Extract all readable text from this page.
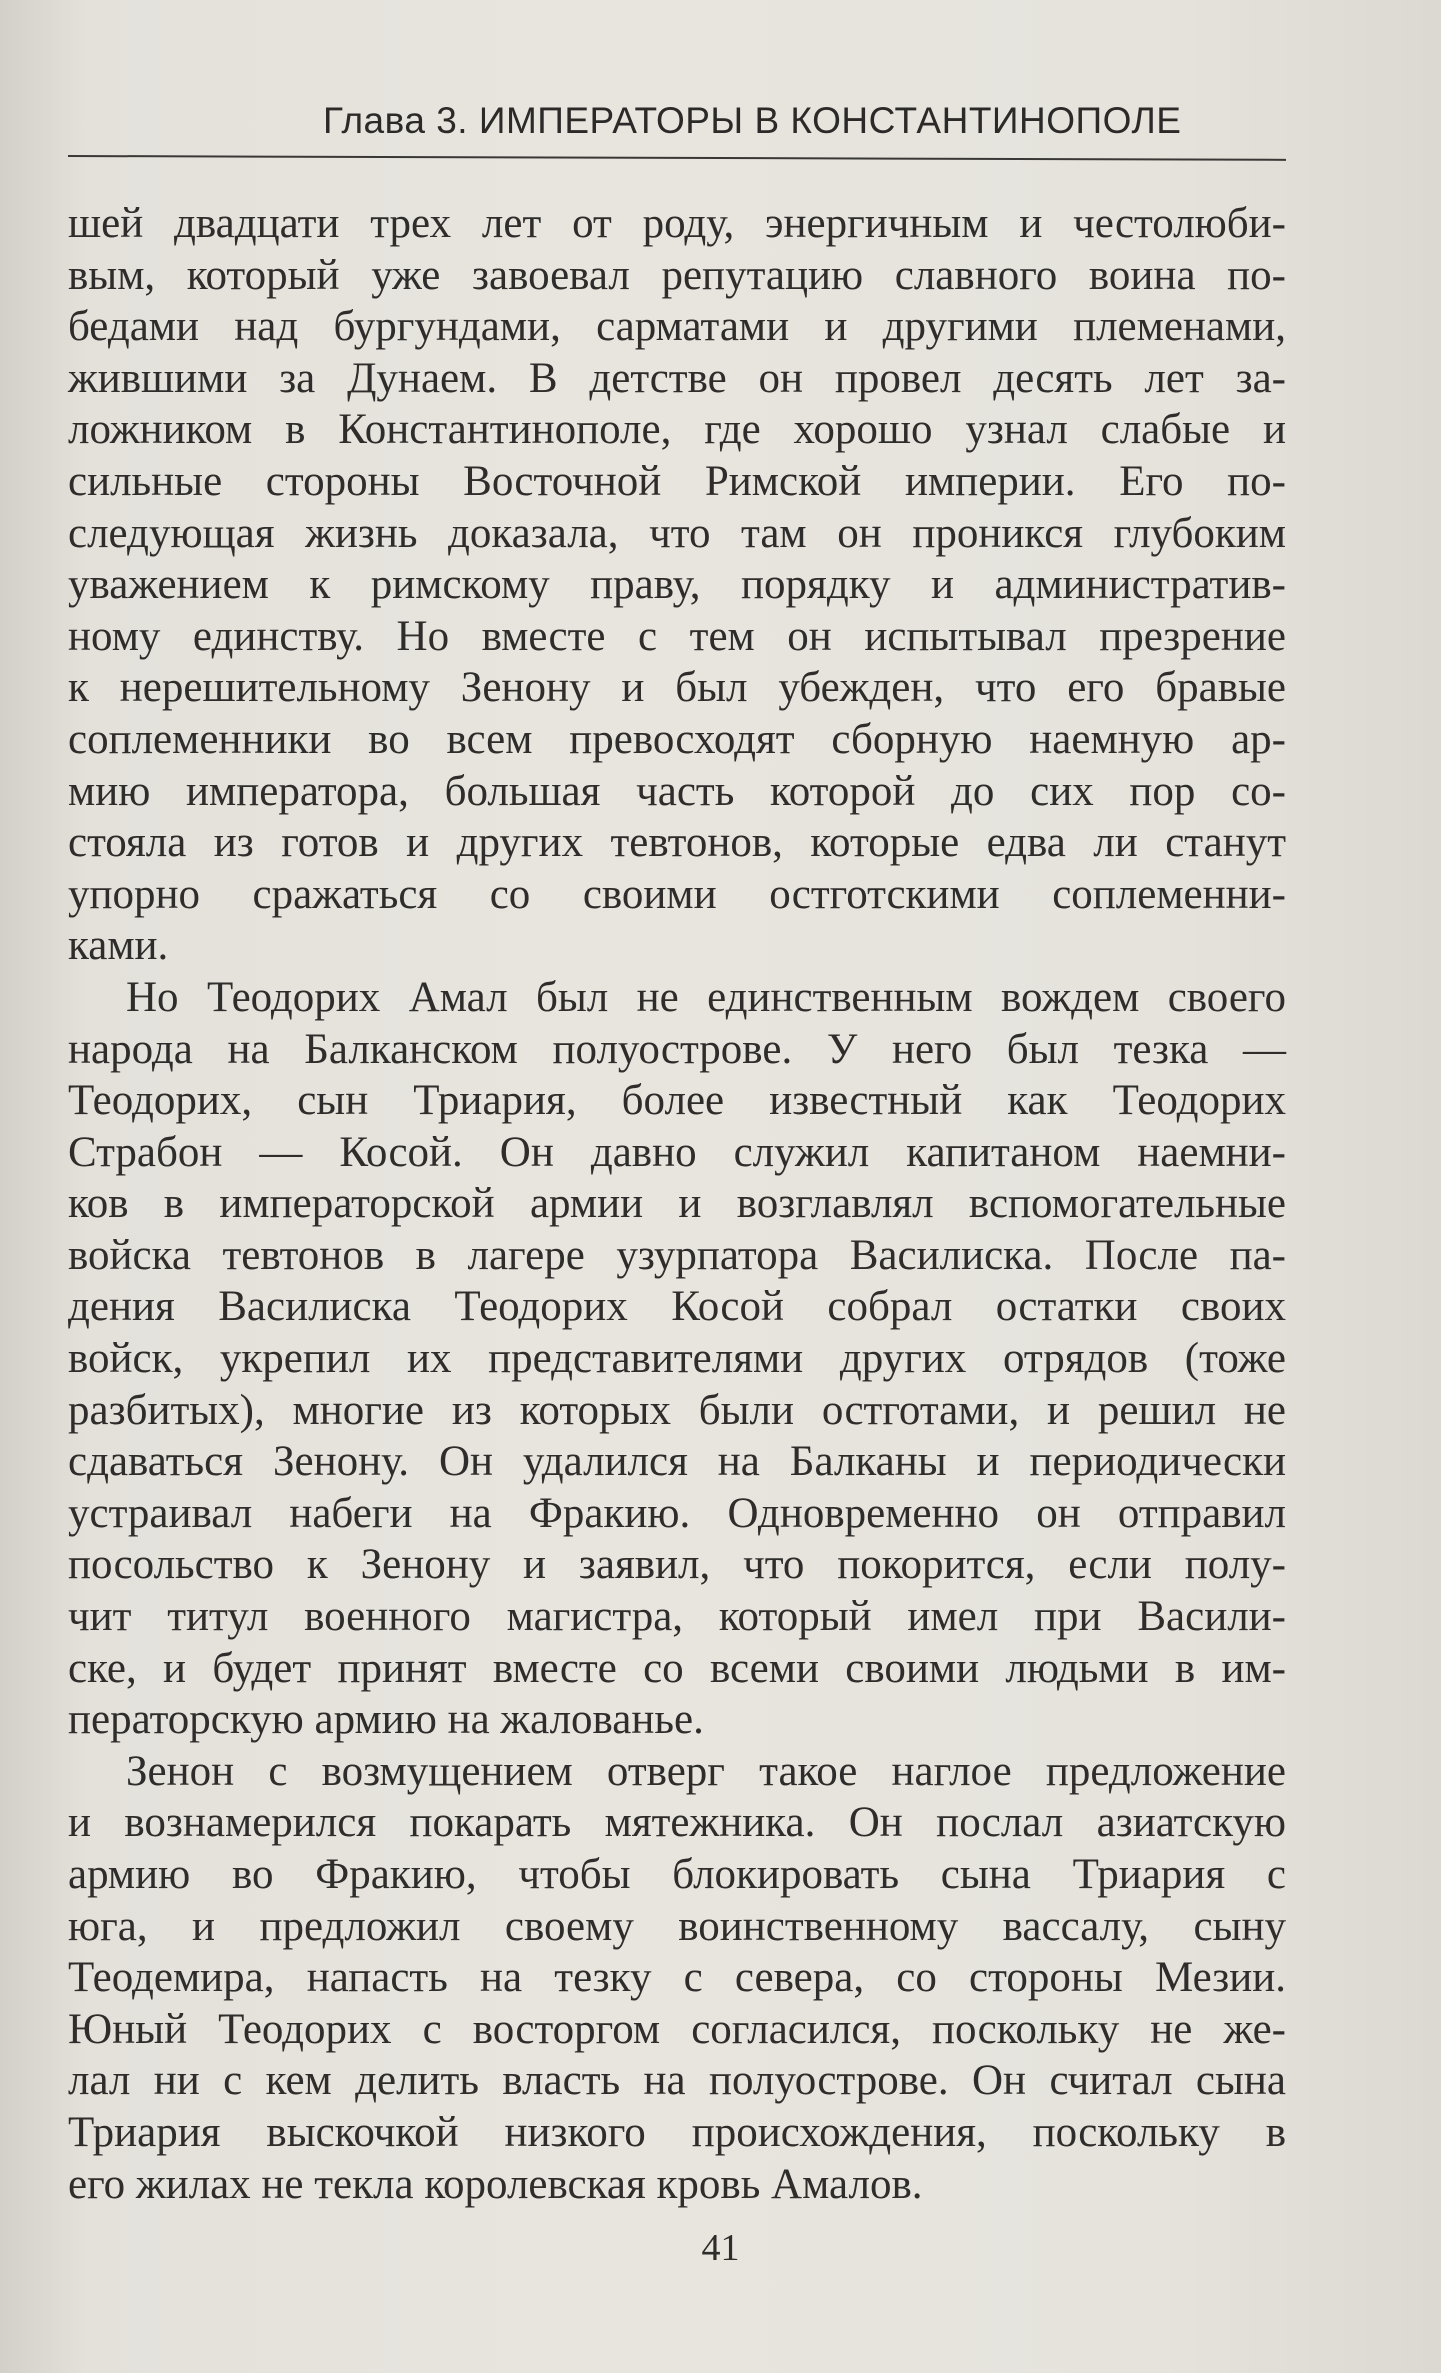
Глава 3. ИМПЕРАТОРЫ В КОНСТАНТИНОПОЛЕ

шей двадцати трех лет от роду, энергичным и честолюби-
вым, который уже завоевал репутацию славного воина по-
бедами над бургундами, сарматами и другими племенами,
жившими за Дунаем. В детстве он провел десять лет за-
ложником в Константинополе, где хорошо узнал слабые и
сильные стороны Восточной Римской империи. Его по-
следующая жизнь доказала, что там он проникся глубоким
уважением к римскому праву, порядку и административ-
ному единству. Но вместе с тем он испытывал презрение
к нерешительному Зенону и был убежден, что его бравые
соплеменники во всем превосходят сборную наемную ар-
мию императора, большая часть которой до сих пор со-
стояла из готов и других тевтонов, которые едва ли станут
упорно сражаться со своими остготскими соплеменни-
ками.

Но Теодорих Амал был не единственным вождем своего
народа на Балканском полуострове. У него был тезка —
Теодорих, сын Триария, более известный как Теодорих
Страбон — Косой. Он давно служил капитаном наемни-
ков в императорской армии и возглавлял вспомогательные
войска тевтонов в лагере узурпатора Василиска. После па-
дения Василиска Теодорих Косой собрал остатки своих
войск, укрепил их представителями других отрядов (тоже
разбитых), многие из которых были остготами, и решил не
сдаваться Зенону. Он удалился на Балканы и периодически
устраивал набеги на Фракию. Одновременно он отправил
посольство к Зенону и заявил, что покорится, если полу-
чит титул военного магистра, который имел при Васили-
ске, и будет принят вместе со всеми своими людьми в им-
ператорскую армию на жалованье.

Зенон с возмущением отверг такое наглое предложение
и вознамерился покарать мятежника. Он послал азиатскую
армию во Фракию, чтобы блокировать сына Триария с
юга, и предложил своему воинственному вассалу, сыну
Теодемира, напасть на тезку с севера, со стороны Мезии.
Юный Теодорих с восторгом согласился, поскольку не же-
лал ни с кем делить власть на полуострове. Он считал сына
Триария выскочкой низкого происхождения, поскольку в
его жилах не текла королевская кровь Амалов.

41
